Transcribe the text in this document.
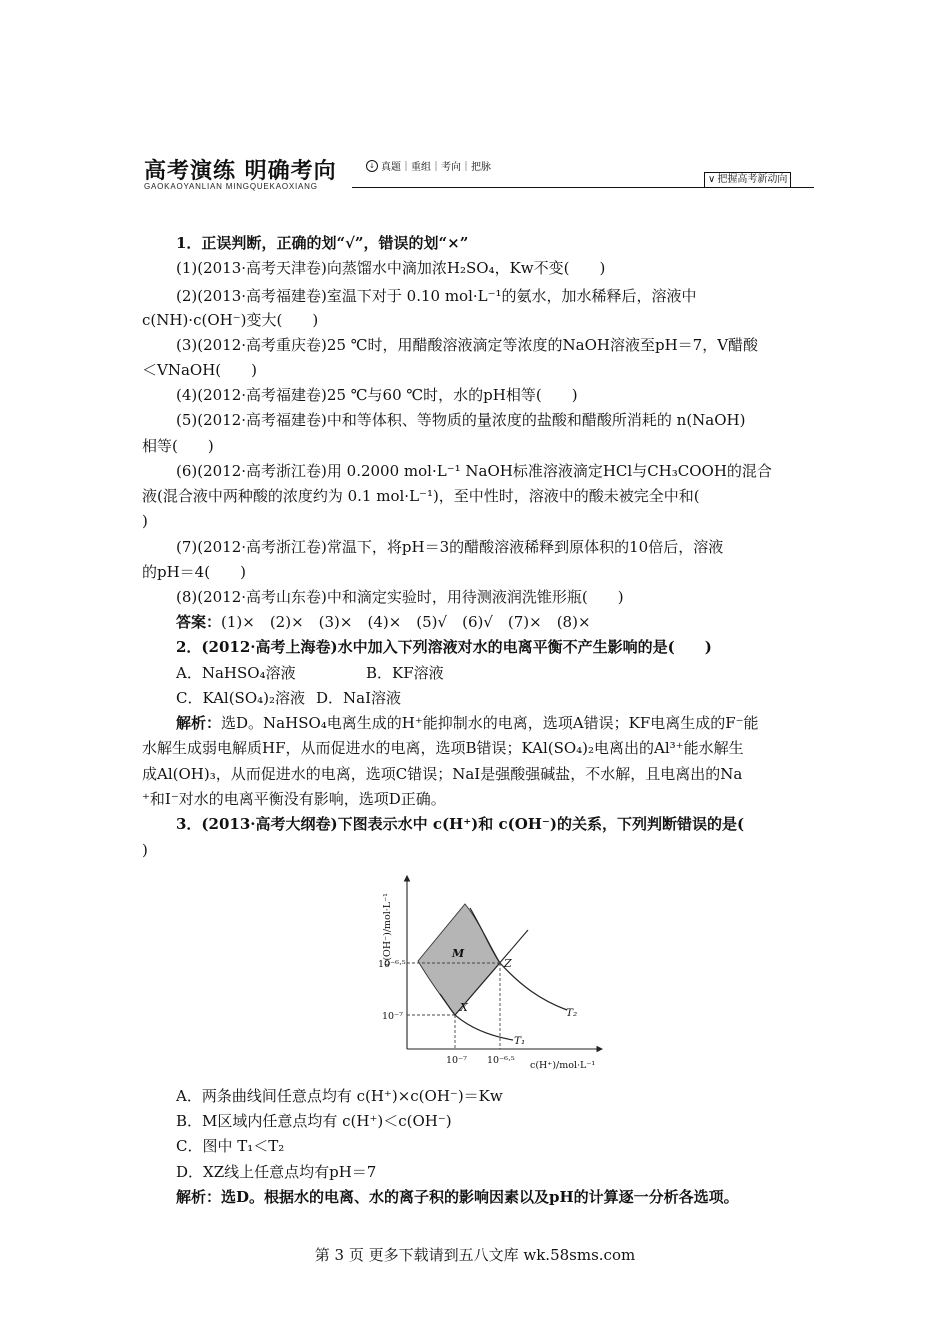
高考演练 明确考向
GAOKAOYANLIAN MINGQUEKAOXIANG
↓ 真题｜重组｜考向｜把脉
∨ 把握高考新动向
1．正误判断，正确的划“√”，错误的划“×”
(1)(2013·高考天津卷)向蒸馏水中滴加浓H₂SO₄，Kw不变(　　)
(2)(2013·高考福建卷)室温下对于 0.10 mol·L⁻¹的氨水，加水稀释后，溶液中
c(NH)·c(OH⁻)变大(　　)
(3)(2012·高考重庆卷)25 ℃时，用醋酸溶液滴定等浓度的NaOH溶液至pH＝7，V醋酸
＜VNaOH(　　)
(4)(2012·高考福建卷)25 ℃与60 ℃时，水的pH相等(　　)
(5)(2012·高考福建卷)中和等体积、等物质的量浓度的盐酸和醋酸所消耗的 n(NaOH)
相等(　　)
(6)(2012·高考浙江卷)用 0.2000 mol·L⁻¹ NaOH标准溶液滴定HCl与CH₃COOH的混合
液(混合液中两种酸的浓度约为 0.1 mol·L⁻¹)，至中性时，溶液中的酸未被完全中和(
)
(7)(2012·高考浙江卷)常温下，将pH＝3的醋酸溶液稀释到原体积的10倍后，溶液
的pH＝4(　　)
(8)(2012·高考山东卷)中和滴定实验时，用待测液润洗锥形瓶(　　)
答案：(1)×　(2)×　(3)×　(4)×　(5)√　(6)√　(7)×　(8)×
2．(2012·高考上海卷)水中加入下列溶液对水的电离平衡不产生影响的是(　　)
A．NaHSO₄溶液	B．KF溶液
C．KAl(SO₄)₂溶液 D．NaI溶液
解析：选D。NaHSO₄电离生成的H⁺能抑制水的电离，选项A错误；KF电离生成的F⁻能
水解生成弱电解质HF，从而促进水的电离，选项B错误；KAl(SO₄)₂电离出的Al³⁺能水解生
成Al(OH)₃，从而促进水的电离，选项C错误；NaI是强酸强碱盐，不水解，且电离出的Na
⁺和I⁻对水的电离平衡没有影响，选项D正确。
3．(2013·高考大纲卷)下图表示水中 c(H⁺)和 c(OH⁻)的关系，下列判断错误的是(
)
10⁻⁶·⁵
10⁻⁷
10⁻⁷ 10⁻⁶·⁵ c(H⁺)/mol·L⁻¹
c(OH⁻)/mol·L⁻¹	M
Z
X	T₂
T₁
A．两条曲线间任意点均有 c(H⁺)×c(OH⁻)＝Kw
B．M区域内任意点均有 c(H⁺)＜c(OH⁻)
C．图中 T₁＜T₂
D．XZ线上任意点均有pH＝7
解析：选D。根据水的电离、水的离子积的影响因素以及pH的计算逐一分析各选项。
第 3 页 更多下载请到五八文库 wk.58sms.com
